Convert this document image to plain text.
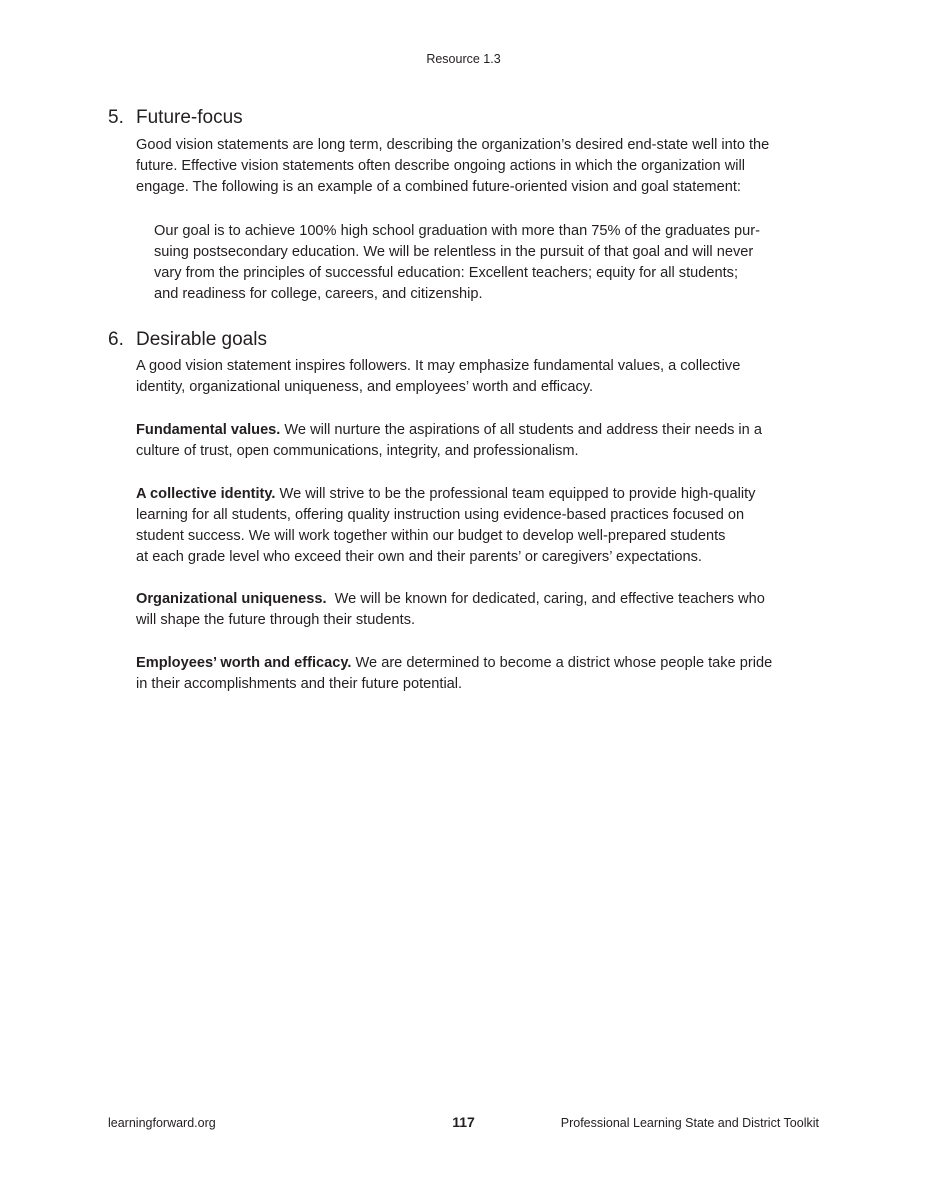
Resource 1.3
5. Future-focus
Good vision statements are long term, describing the organization’s desired end-state well into the
future. Effective vision statements often describe ongoing actions in which the organization will
engage. The following is an example of a combined future-oriented vision and goal statement:
Our goal is to achieve 100% high school graduation with more than 75% of the graduates pur-
suing postsecondary education. We will be relentless in the pursuit of that goal and will never
vary from the principles of successful education: Excellent teachers; equity for all students;
and readiness for college, careers, and citizenship.
6. Desirable goals
A good vision statement inspires followers. It may emphasize fundamental values, a collective
identity, organizational uniqueness, and employees’ worth and efficacy.
Fundamental values. We will nurture the aspirations of all students and address their needs in a
culture of trust, open communications, integrity, and professionalism.
A collective identity. We will strive to be the professional team equipped to provide high-quality
learning for all students, offering quality instruction using evidence-based practices focused on
student success. We will work together within our budget to develop well-prepared students
at each grade level who exceed their own and their parents’ or caregivers’ expectations.
Organizational uniqueness.  We will be known for dedicated, caring, and effective teachers who
will shape the future through their students.
Employees’ worth and efficacy. We are determined to become a district whose people take pride
in their accomplishments and their future potential.
learningforward.org	117	Professional Learning State and District Toolkit
